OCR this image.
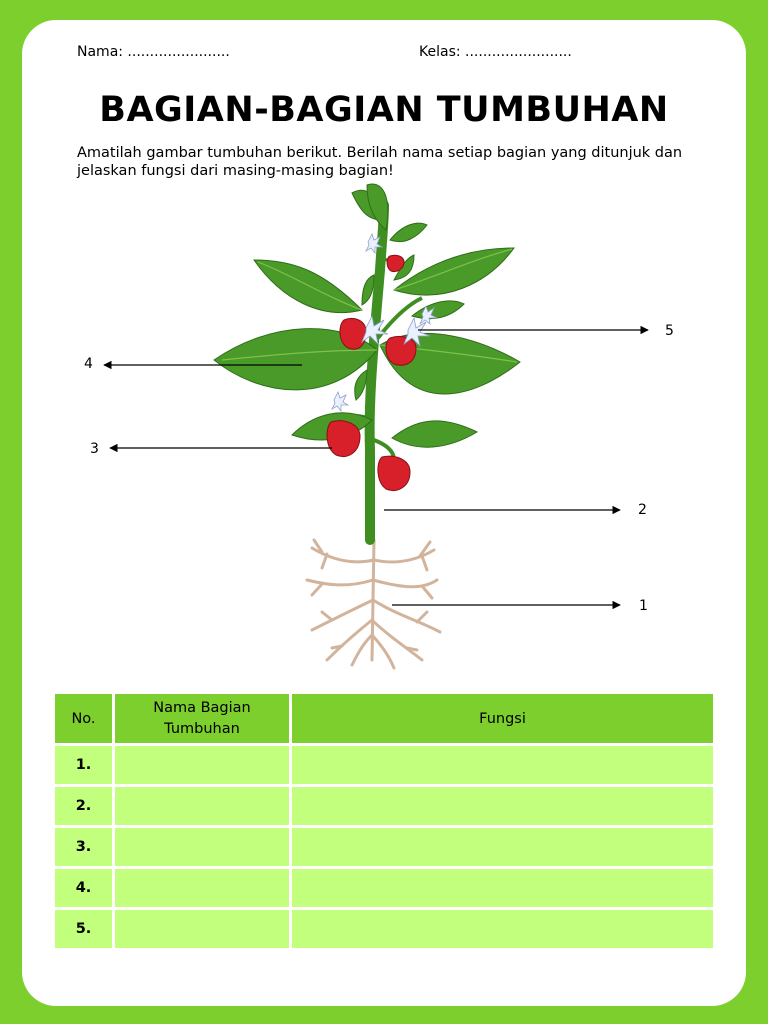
Nama: .......................	Kelas: ........................
BAGIAN-BAGIAN TUMBUHAN
Amatilah gambar tumbuhan berikut. Berilah nama setiap bagian yang ditunjuk dan jelaskan fungsi dari masing-masing bagian!
1
2
3
4
5
No.	Nama Bagian Tumbuhan	Fungsi
1.		
2.		
3.		
4.		
5.		
